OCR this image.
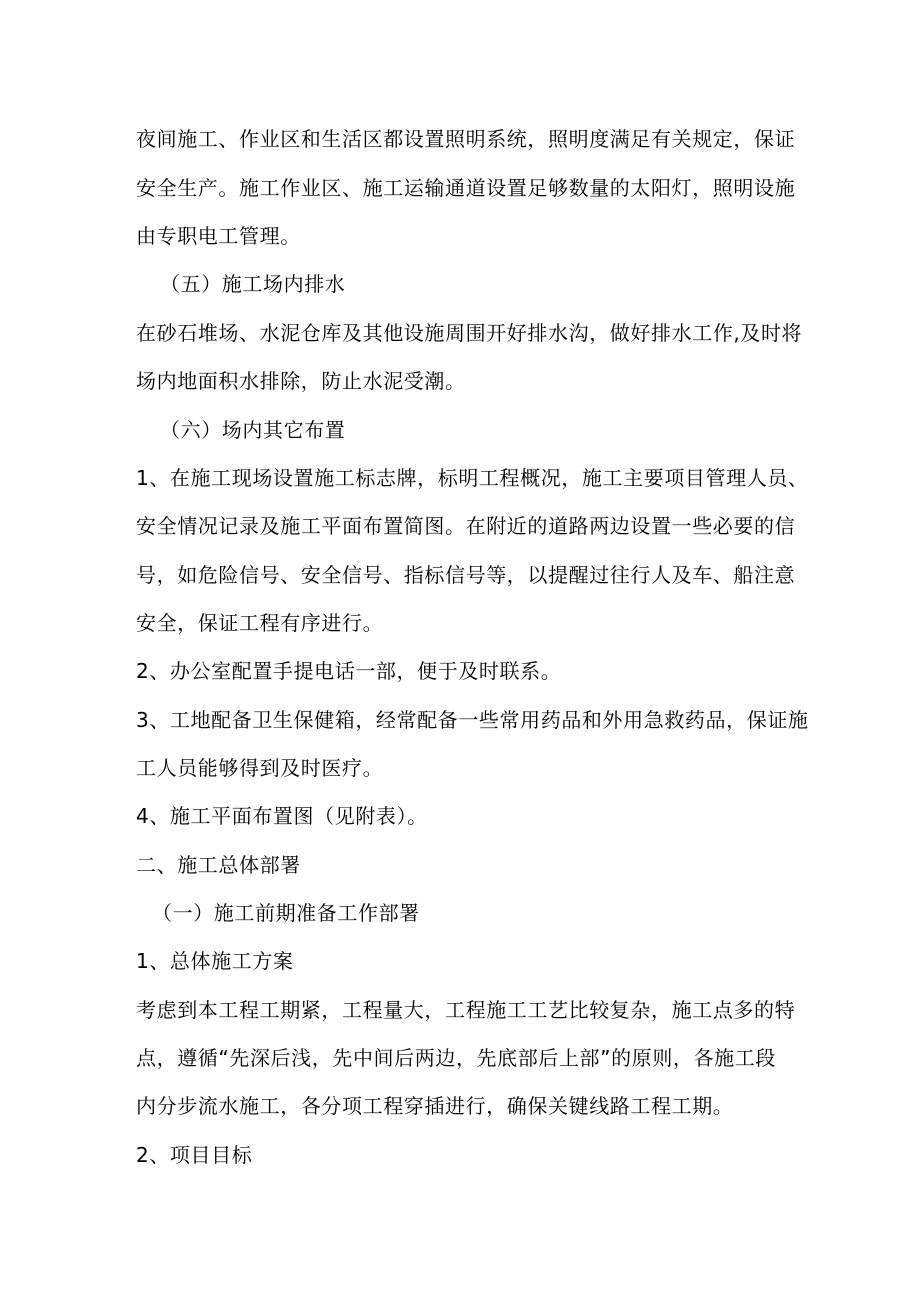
夜间施工、作业区和生活区都设置照明系统，照明度满足有关规定，保证

安全生产。施工作业区、施工运输通道设置足够数量的太阳灯，照明设施

由专职电工管理。

（五）施工场内排水

在砂石堆场、水泥仓库及其他设施周围开好排水沟，做好排水工作,及时将

场内地面积水排除，防止水泥受潮。

（六）场内其它布置

1、在施工现场设置施工标志牌，标明工程概况，施工主要项目管理人员、

安全情况记录及施工平面布置简图。在附近的道路两边设置一些必要的信

号，如危险信号、安全信号、指标信号等，以提醒过往行人及车、船注意

安全，保证工程有序进行。

2、办公室配置手提电话一部，便于及时联系。

3、工地配备卫生保健箱，经常配备一些常用药品和外用急救药品，保证施

工人员能够得到及时医疗。

4、施工平面布置图（见附表）。

二、施工总体部署

（一）施工前期准备工作部署

1、总体施工方案

考虑到本工程工期紧，工程量大，工程施工工艺比较复杂，施工点多的特

点，遵循“先深后浅，先中间后两边，先底部后上部”的原则，各施工段

内分步流水施工，各分项工程穿插进行，确保关键线路工程工期。

2、项目目标
